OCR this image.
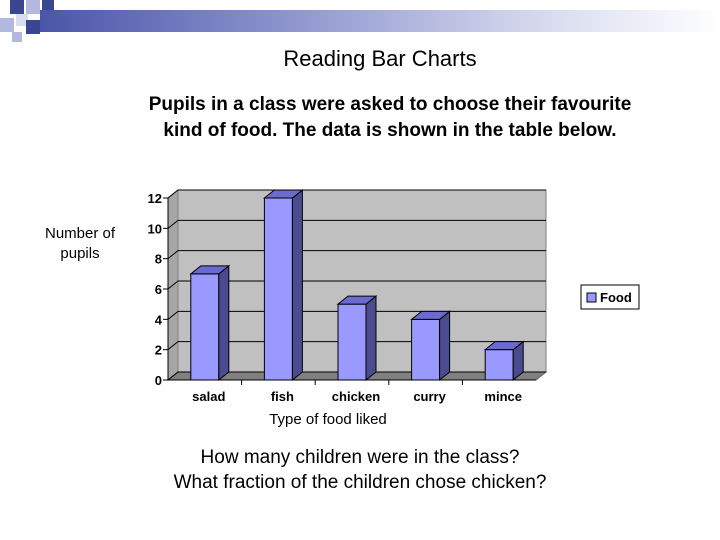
Reading Bar Charts
Pupils in a class were asked to choose their favourite
kind of food. The data is shown in the table below.
Number of
pupils
0
2
4
6
8
10
12
salad	fish	chicken	curry	mince
Food
Type of food liked
How many children were in the class?
What fraction of the children chose chicken?
